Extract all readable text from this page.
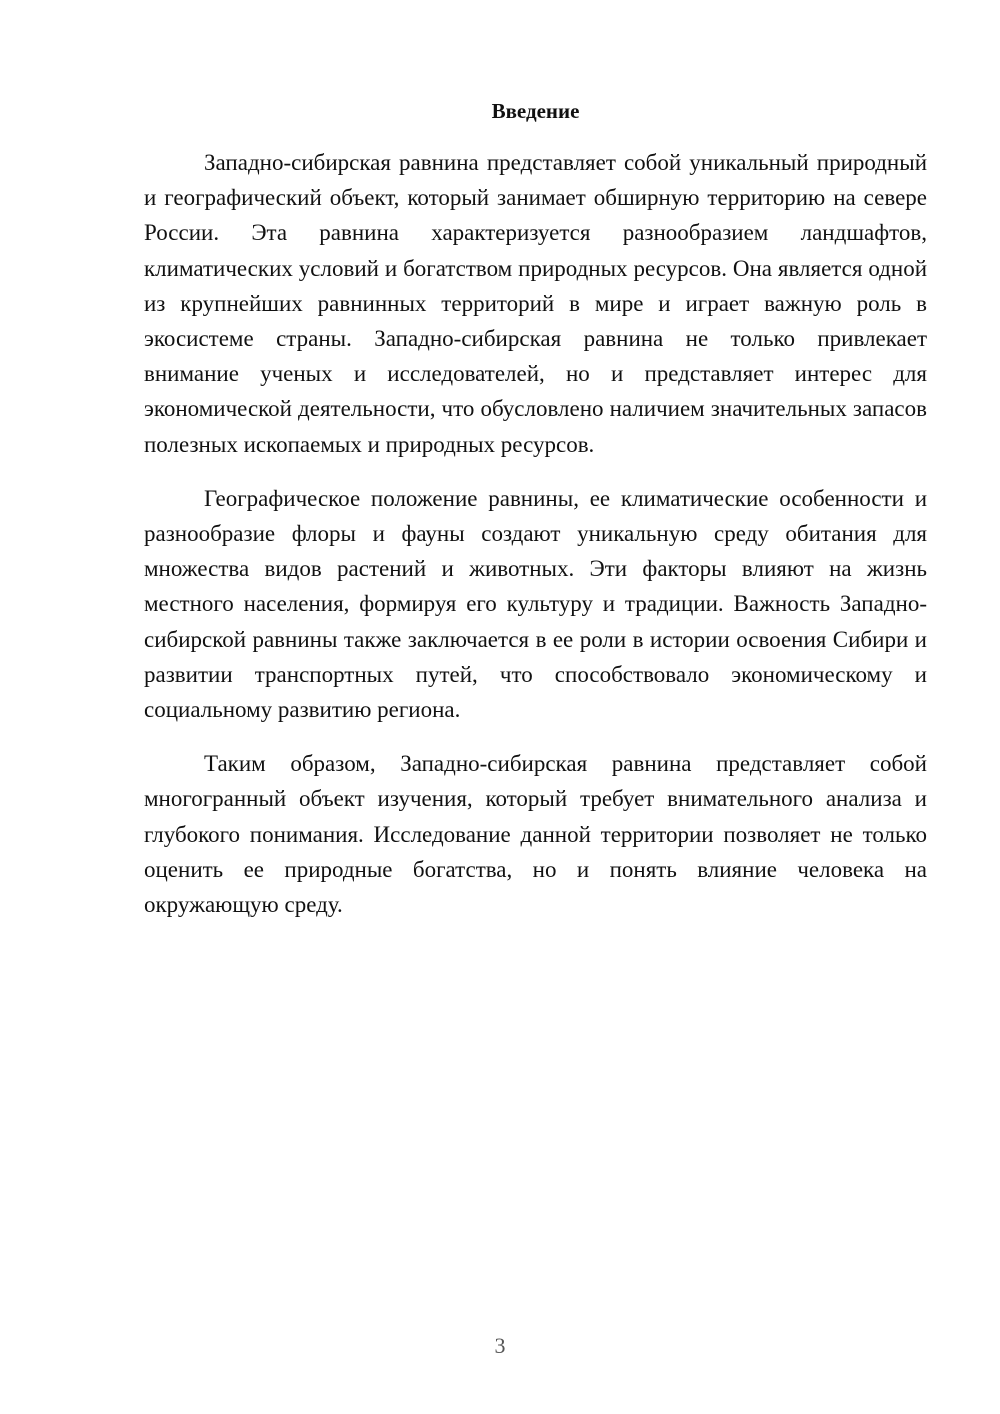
Введение

Западно-сибирская равнина представляет собой уникальный природный и географический объект, который занимает обширную территорию на севере России. Эта равнина характеризуется разнообразием ландшафтов, климатических условий и богатством природных ресурсов. Она является одной из крупнейших равнинных территорий в мире и играет важную роль в экосистеме страны. Западно-сибирская равнина не только привлекает внимание ученых и исследователей, но и представляет интерес для экономической деятельности, что обусловлено наличием значительных запасов полезных ископаемых и природных ресурсов.

Географическое положение равнины, ее климатические особенности и разнообразие флоры и фауны создают уникальную среду обитания для множества видов растений и животных. Эти факторы влияют на жизнь местного населения, формируя его культуру и традиции. Важность Западно-сибирской равнины также заключается в ее роли в истории освоения Сибири и развитии транспортных путей, что способствовало экономическому и социальному развитию региона.

Таким образом, Западно-сибирская равнина представляет собой многогранный объект изучения, который требует внимательного анализа и глубокого понимания. Исследование данной территории позволяет не только оценить ее природные богатства, но и понять влияние человека на окружающую среду.

3
